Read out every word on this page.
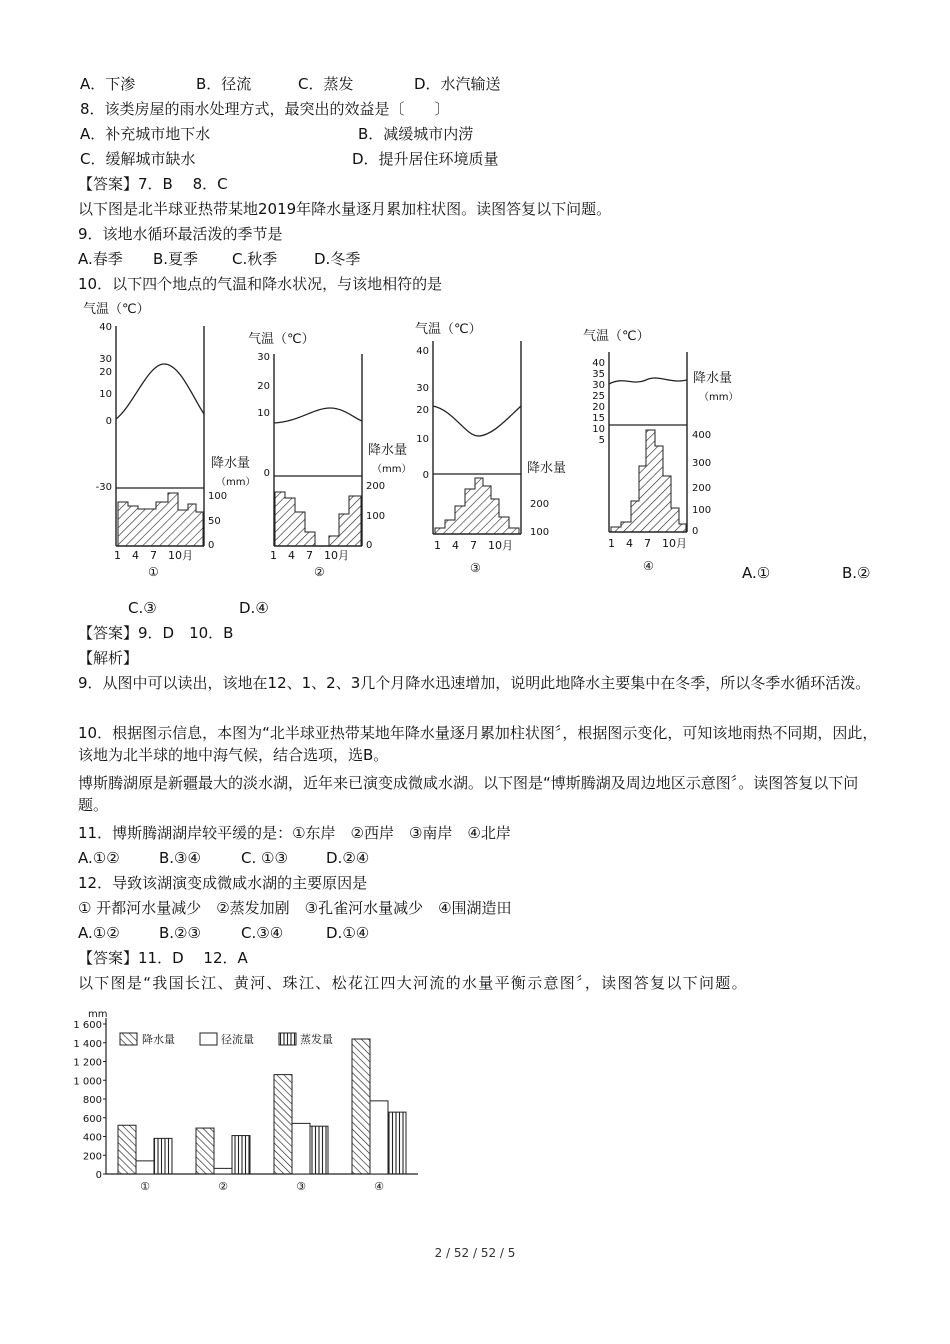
A．下渗	B．径流	C．蒸发	D．水汽输送
8．该类房屋的雨水处理方式，最突出的效益是〔　　〕
A．补充城市地下水	B．减缓城市内涝
C．缓解城市缺水	D．提升居住环境质量
【答案】7．B　 8．C
以下图是北半球亚热带某地2019年降水量逐月累加柱状图。读图答复以下问题。
9．该地水循环最活泼的季节是
A.春季 B.夏季 C.秋季 D.冬季
10．以下四个地点的气温和降水状况，与该地相符的是
气温（℃）
40
30
20
10
0
-30
降水量
（mm）
100
50
0
1　4　7　10月
①
气温（℃）
30
20
10
0
降水量
（mm）
200
100
0
1　4　7　10月
②
气温（℃）
40
30
20
10
0	降水量
200
100
1　4　7　10月
③
气温（℃）
40
35
30
25
20
15
10
5
降水量
（mm）
400
300
200
100
0
1　4　7　10月
④	A.①	B.②
C.③	D.④
【答案】9．D　10．B
【解析】
9．从图中可以读出，该地在12、1、2、3几个月降水迅速增加，说明此地降水主要集中在冬季，所以冬季水循环活泼。
10．根据图示信息，本图为“北半球亚热带某地年降水量逐月累加柱状图〞，根据图示变化，可知该地雨热不同期，因此，该地为北半球的地中海气候，结合选项，选B。
博斯腾湖原是新疆最大的淡水湖，近年来已演变成微咸水湖。以下图是“博斯腾湖及周边地区示意图〞。读图答复以下问题。
11．博斯腾湖湖岸较平缓的是：①东岸　②西岸　③南岸　④北岸
A.①②	B.③④	C. ①③	D.②④
12．导致该湖演变成微咸水湖的主要原因是
① 开都河水量减少　②蒸发加剧　③孔雀河水量减少　④围湖造田
A.①②	B.②③	C.③④	D.①④
【答案】11．D　 12．A
以下图是“我国长江、黄河、珠江、松花江四大河流的水量平衡示意图〞，读图答复以下问题。
mm
0
200
400
600
800
1 000
1 200
1 400
1 600
①	②	③	④
降水量	径流量	蒸发量
2 / 52 / 52 / 5
